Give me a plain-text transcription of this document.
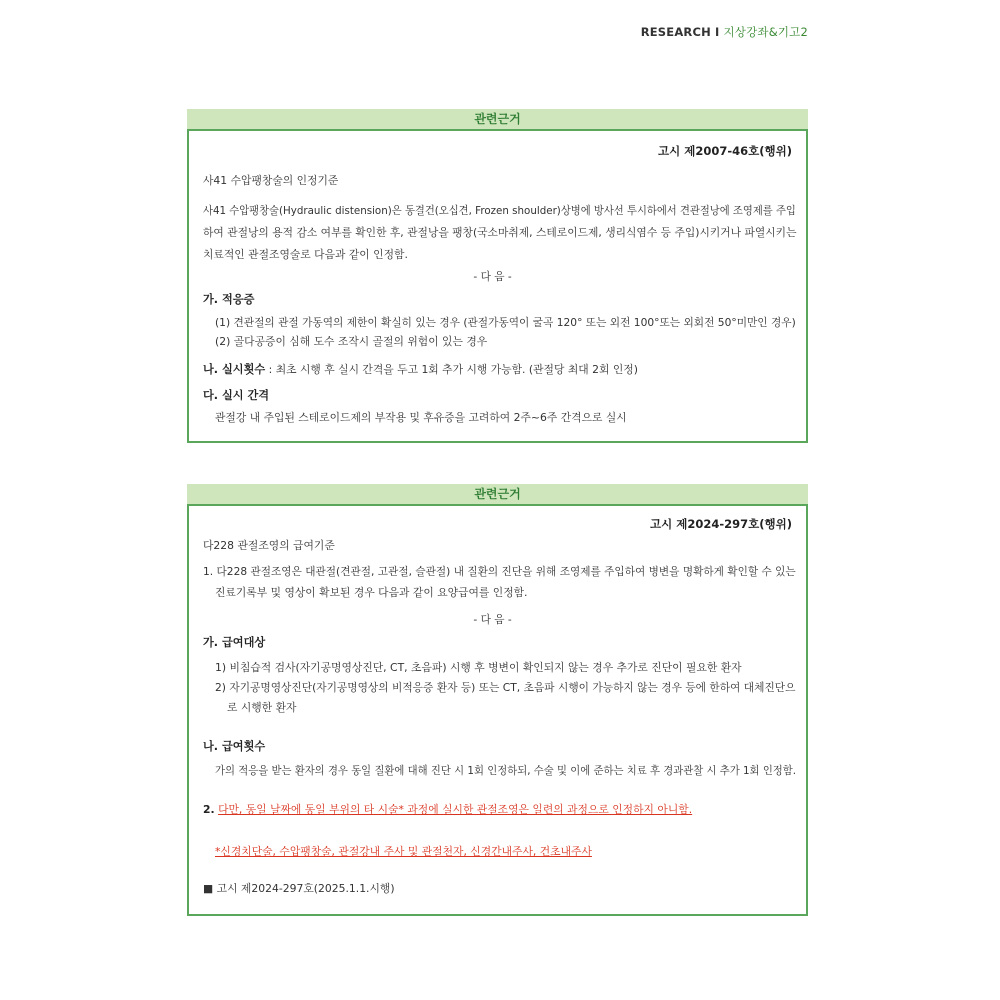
RESEARCH I 지상강좌&기고2
관련근거
고시 제2007-46호(행위)
사41 수압팽창술의 인정기준
사41 수압팽창술(Hydraulic distension)은 동결건(오십견, Frozen shoulder)상병에 방사선 투시하에서 견관절낭에 조영제를 주입
하여 관절낭의 용적 감소 여부를 확인한 후, 관절낭을 팽창(국소마취제, 스테로이드제, 생리식염수 등 주입)시키거나 파열시키는
치료적인 관절조영술로 다음과 같이 인정함.
- 다 음 -
가. 적응증
(1) 견관절의 관절 가동역의 제한이 확실히 있는 경우 (관절가동역이 굴곡 120° 또는 외전 100°또는 외회전 50°미만인 경우)
(2) 골다공증이 심해 도수 조작시 골절의 위험이 있는 경우
나. 실시횟수 : 최초 시행 후 실시 간격을 두고 1회 추가 시행 가능함. (관절당 최대 2회 인정)
다. 실시 간격
관절강 내 주입된 스테로이드제의 부작용 및 후유증을 고려하여 2주~6주 간격으로 실시
관련근거
고시 제2024-297호(행위)
다228 관절조영의 급여기준
1. 다228 관절조영은 대관절(견관절, 고관절, 슬관절) 내 질환의 진단을 위해 조영제를 주입하여 병변을 명확하게 확인할 수 있는
진료기록부 및 영상이 확보된 경우 다음과 같이 요양급여를 인정함.
- 다 음 -
가. 급여대상
1) 비침습적 검사(자기공명영상진단, CT, 초음파) 시행 후 병변이 확인되지 않는 경우 추가로 진단이 필요한 환자
2) 자기공명영상진단(자기공명영상의 비적응증 환자 등) 또는 CT, 초음파 시행이 가능하지 않는 경우 등에 한하여 대체진단으
로 시행한 환자
나. 급여횟수
가의 적응을 받는 환자의 경우 동일 질환에 대해 진단 시 1회 인정하되, 수술 및 이에 준하는 치료 후 경과관찰 시 추가 1회 인정함.
2. 다만, 동일 날짜에 동일 부위의 타 시술* 과정에 실시한 관절조영은 일련의 과정으로 인정하지 아니함.
*신경치단술, 수압팽창술, 관절강내 주사 및 관절천자, 신경간내주사, 건초내주사
■ 고시 제2024-297호(2025.1.1.시행)
